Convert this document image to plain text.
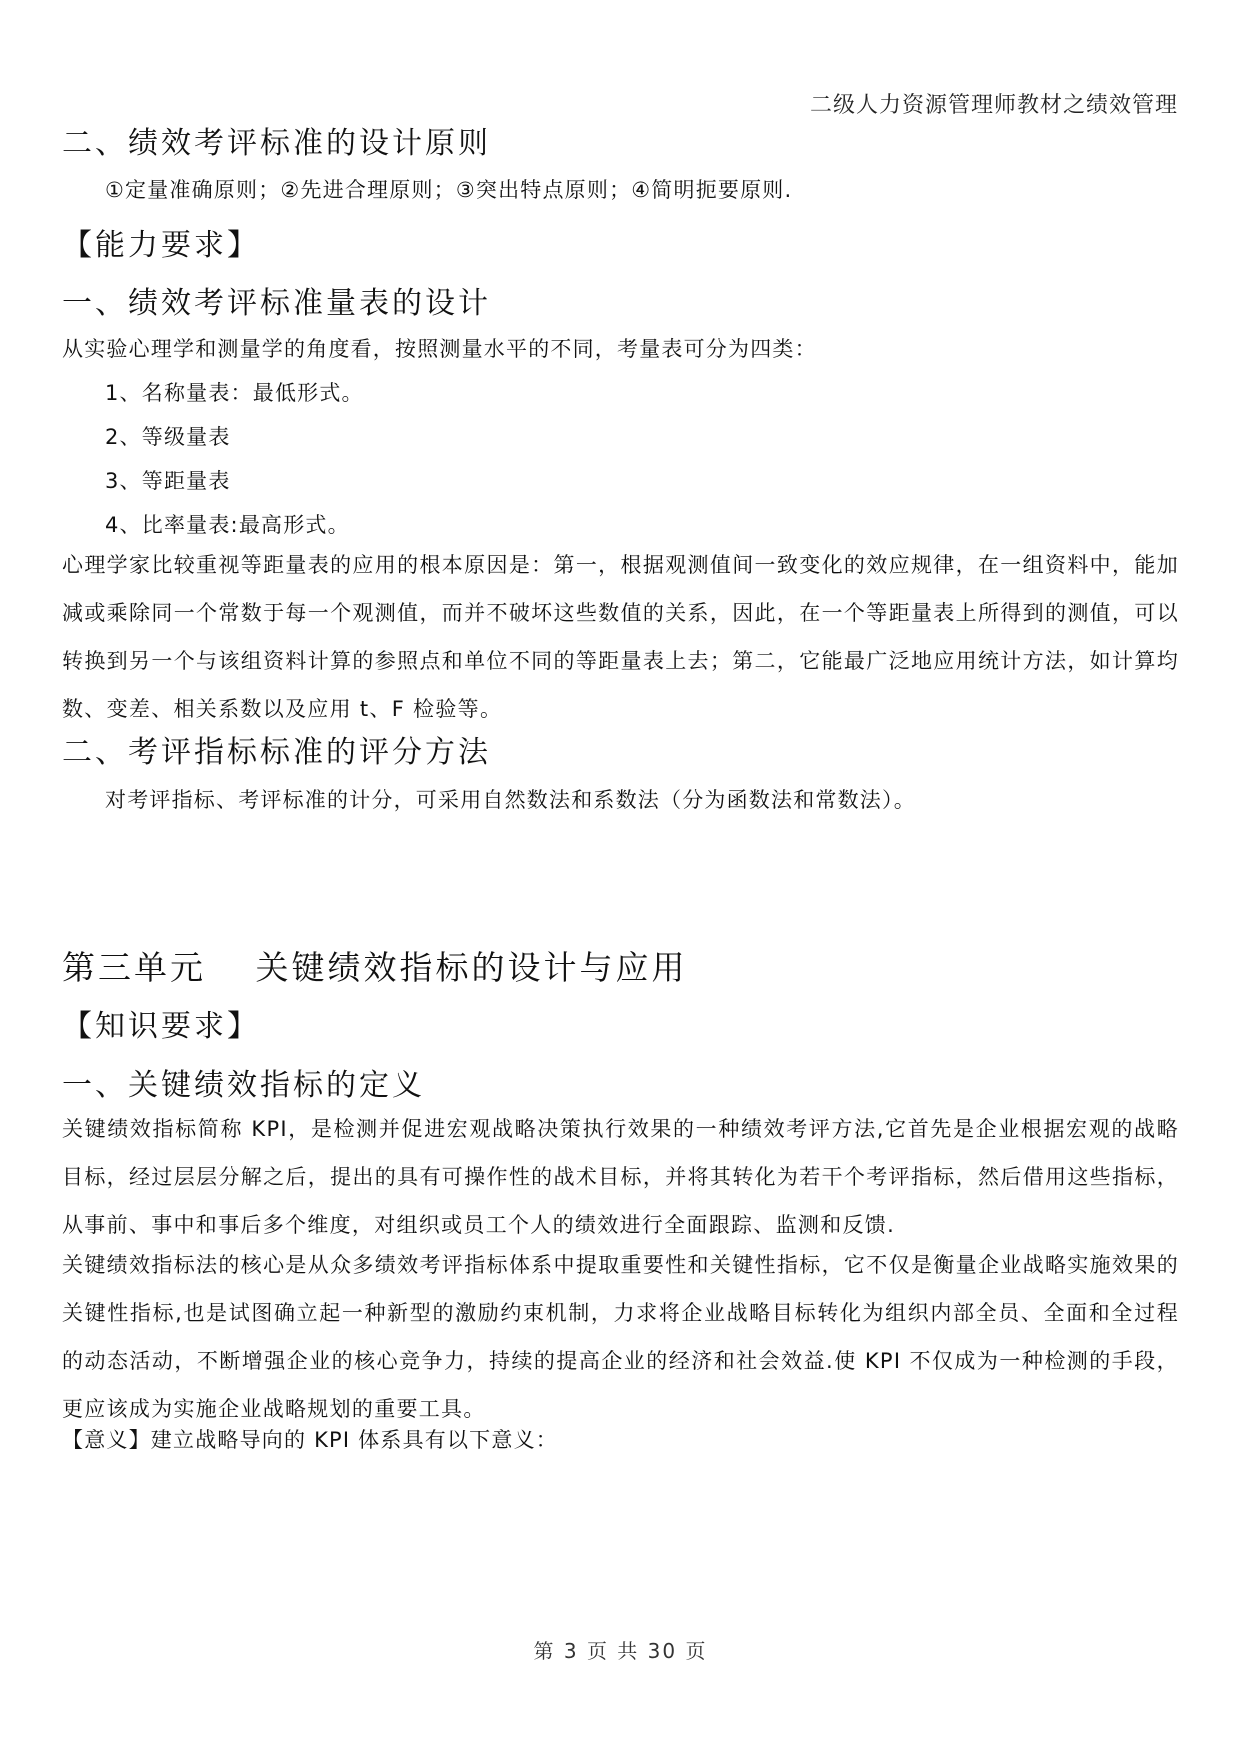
二级人力资源管理师教材之绩效管理
二、绩效考评标准的设计原则
①定量准确原则；②先进合理原则；③突出特点原则；④简明扼要原则.
【能力要求】
一、绩效考评标准量表的设计
从实验心理学和测量学的角度看，按照测量水平的不同，考量表可分为四类：
1、名称量表：最低形式。
2、等级量表
3、等距量表
4、比率量表:最高形式。
心理学家比较重视等距量表的应用的根本原因是：第一，根据观测值间一致变化的效应规律，在一组资料中，能加减或乘除同一个常数于每一个观测值，而并不破坏这些数值的关系，因此，在一个等距量表上所得到的测值，可以转换到另一个与该组资料计算的参照点和单位不同的等距量表上去；第二，它能最广泛地应用统计方法，如计算均数、变差、相关系数以及应用 t、F 检验等。
二、考评指标标准的评分方法
对考评指标、考评标准的计分，可采用自然数法和系数法（分为函数法和常数法）。
第三单元　 关键绩效指标的设计与应用
【知识要求】
一、关键绩效指标的定义
关键绩效指标简称 KPI，是检测并促进宏观战略决策执行效果的一种绩效考评方法,它首先是企业根据宏观的战略目标，经过层层分解之后，提出的具有可操作性的战术目标，并将其转化为若干个考评指标，然后借用这些指标，从事前、事中和事后多个维度，对组织或员工个人的绩效进行全面跟踪、监测和反馈.
关键绩效指标法的核心是从众多绩效考评指标体系中提取重要性和关键性指标，它不仅是衡量企业战略实施效果的关键性指标,也是试图确立起一种新型的激励约束机制，力求将企业战略目标转化为组织内部全员、全面和全过程的动态活动，不断增强企业的核心竞争力，持续的提高企业的经济和社会效益.使 KPI 不仅成为一种检测的手段，更应该成为实施企业战略规划的重要工具。
【意义】建立战略导向的 KPI 体系具有以下意义：
第 3 页 共 30 页
